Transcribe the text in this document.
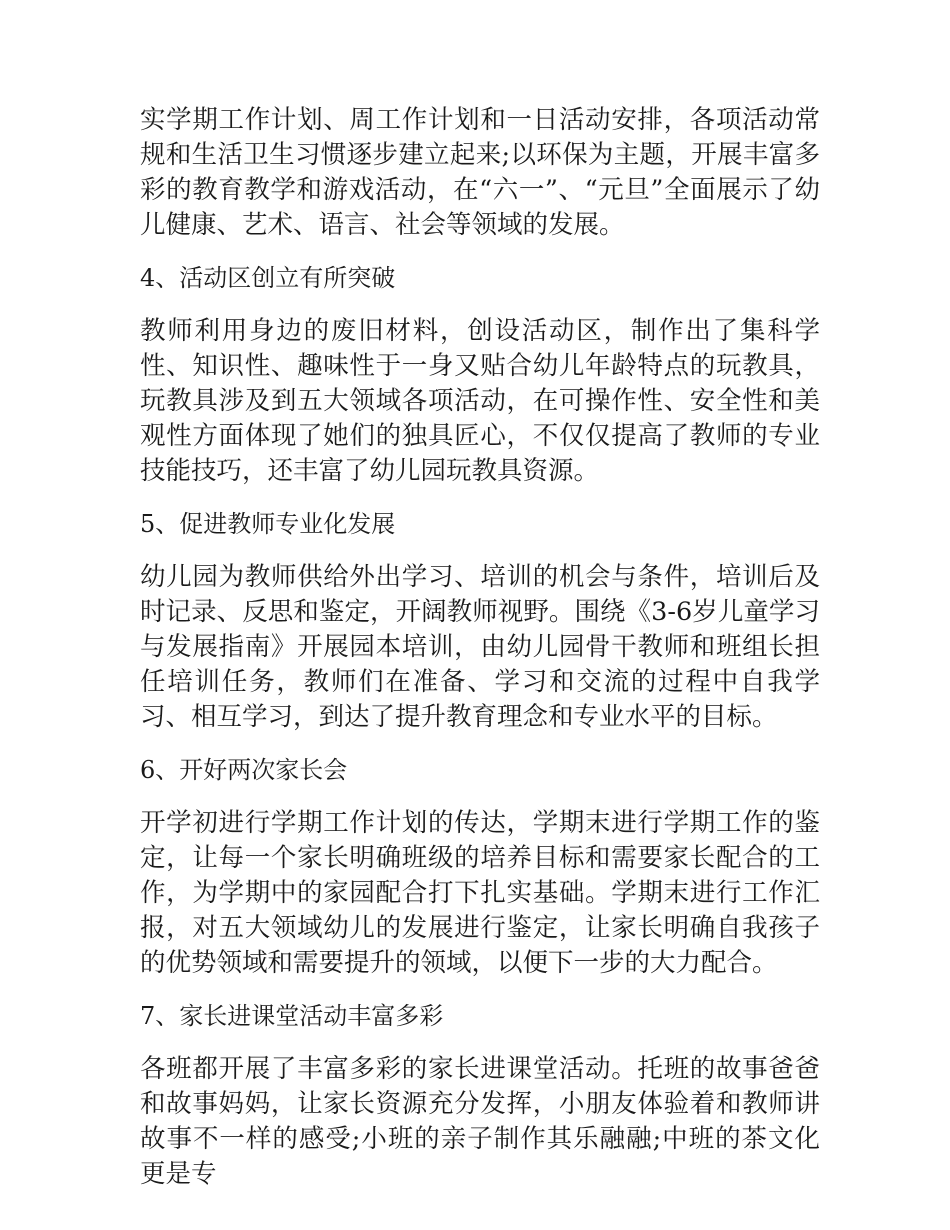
实学期工作计划、周工作计划和一日活动安排，各项活动常规和生活卫生习惯逐步建立起来;以环保为主题，开展丰富多彩的教育教学和游戏活动，在“六一”、“元旦”全面展示了幼儿健康、艺术、语言、社会等领域的发展。

4、活动区创立有所突破

教师利用身边的废旧材料，创设活动区，制作出了集科学性、知识性、趣味性于一身又贴合幼儿年龄特点的玩教具，玩教具涉及到五大领域各项活动，在可操作性、安全性和美观性方面体现了她们的独具匠心，不仅仅提高了教师的专业技能技巧，还丰富了幼儿园玩教具资源。

5、促进教师专业化发展

幼儿园为教师供给外出学习、培训的机会与条件，培训后及时记录、反思和鉴定，开阔教师视野。围绕《3-6岁儿童学习与发展指南》开展园本培训，由幼儿园骨干教师和班组长担任培训任务，教师们在准备、学习和交流的过程中自我学习、相互学习，到达了提升教育理念和专业水平的目标。

6、开好两次家长会

开学初进行学期工作计划的传达，学期末进行学期工作的鉴定，让每一个家长明确班级的培养目标和需要家长配合的工作，为学期中的家园配合打下扎实基础。学期末进行工作汇报，对五大领域幼儿的发展进行鉴定，让家长明确自我孩子的优势领域和需要提升的领域，以便下一步的大力配合。

7、家长进课堂活动丰富多彩

各班都开展了丰富多彩的家长进课堂活动。托班的故事爸爸和故事妈妈，让家长资源充分发挥，小朋友体验着和教师讲故事不一样的感受;小班的亲子制作其乐融融;中班的茶文化更是专
